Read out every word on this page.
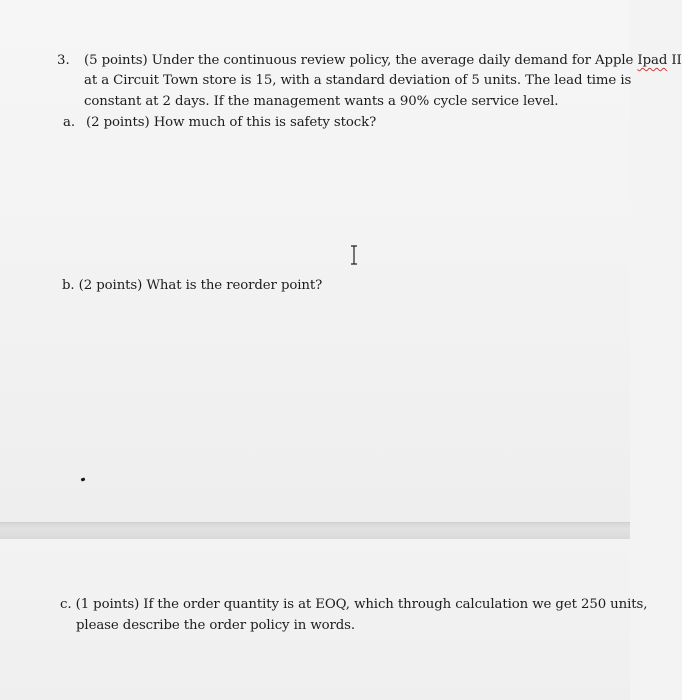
3. (5 points) Under the continuous review policy, the average daily demand for Apple Ipad II
at a Circuit Town store is 15, with a standard deviation of 5 units. The lead time is
constant at 2 days. If the management wants a 90% cycle service level.
a. (2 points) How much of this is safety stock?
b. (2 points) What is the reorder point?
c. (1 points) If the order quantity is at EOQ, which through calculation we get 250 units,
please describe the order policy in words.
